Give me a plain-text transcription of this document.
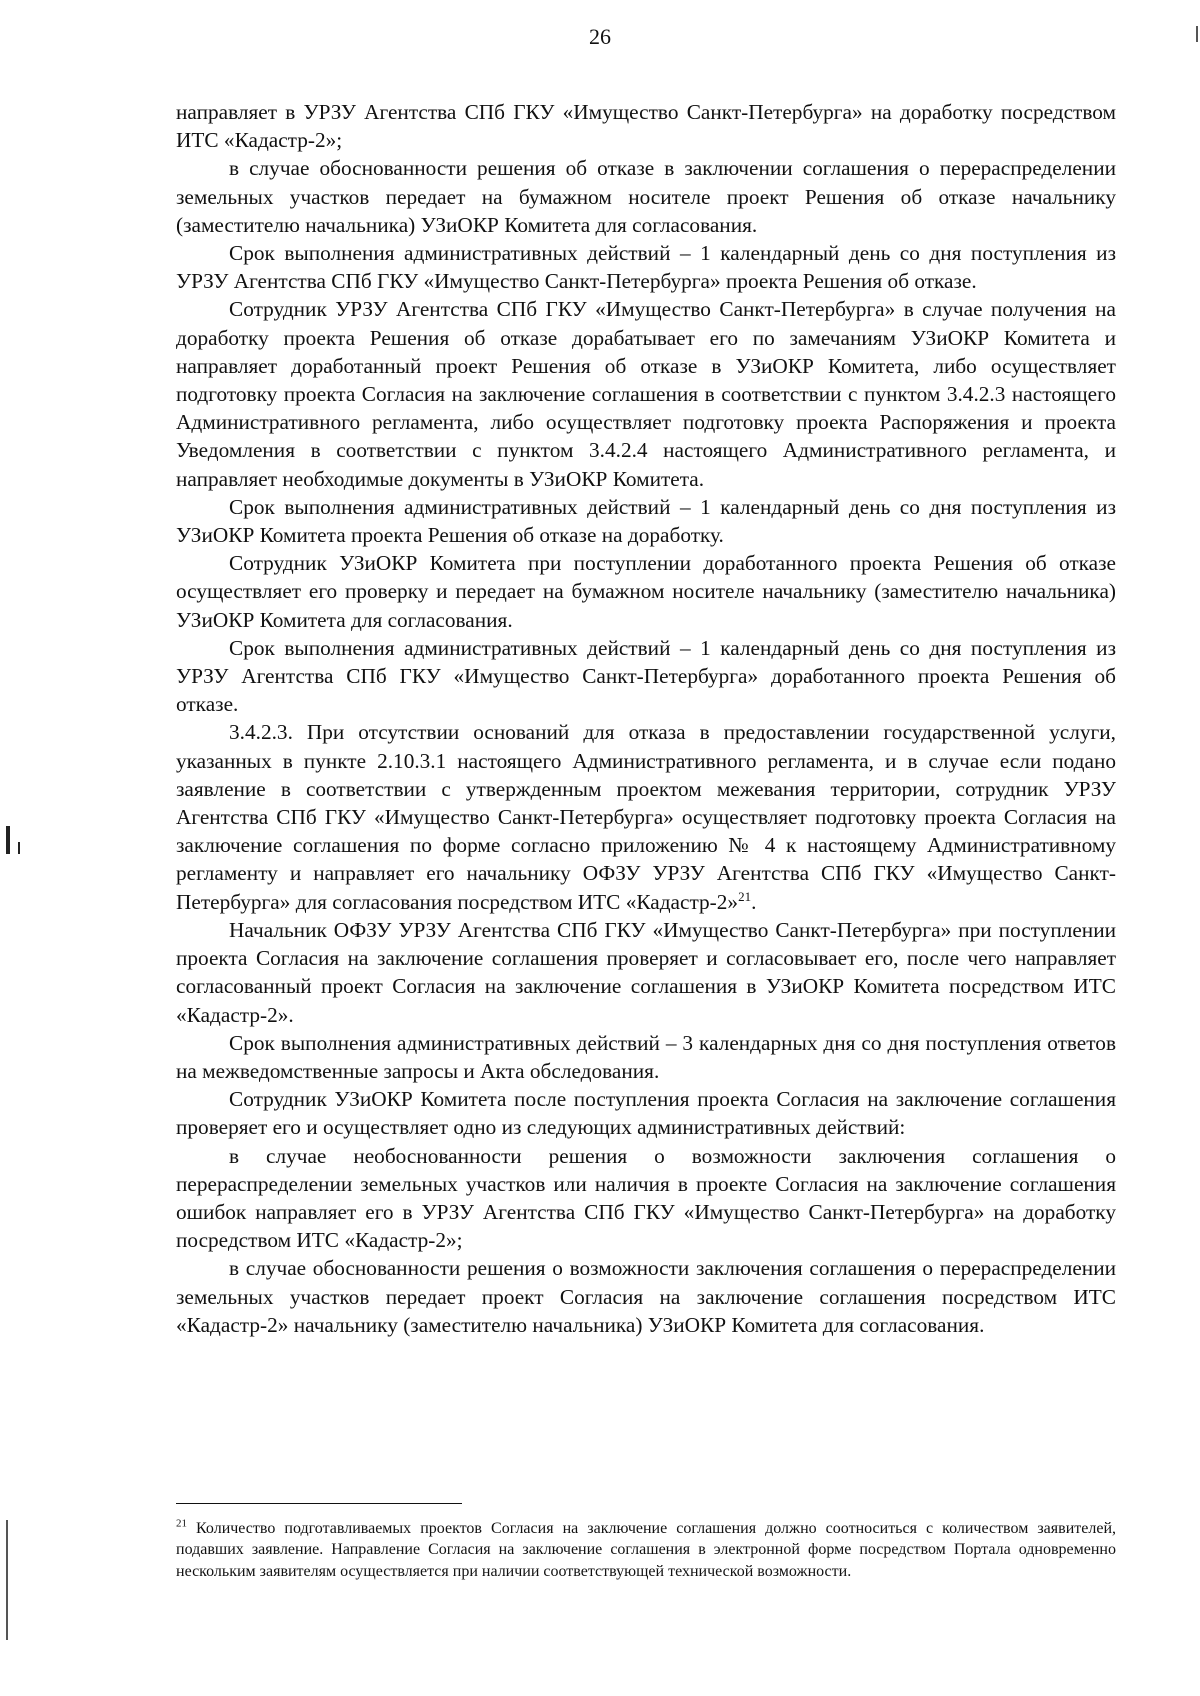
26

направляет в УРЗУ Агентства СПб ГКУ «Имущество Санкт-Петербурга» на доработку посредством ИТС «Кадастр-2»;

в случае обоснованности решения об отказе в заключении соглашения о перераспределении земельных участков передает на бумажном носителе проект Решения об отказе начальнику (заместителю начальника) УЗиОКР Комитета для согласования.

Срок выполнения административных действий – 1 календарный день со дня поступления из УРЗУ Агентства СПб ГКУ «Имущество Санкт-Петербурга» проекта Решения об отказе.

Сотрудник УРЗУ Агентства СПб ГКУ «Имущество Санкт-Петербурга» в случае получения на доработку проекта Решения об отказе дорабатывает его по замечаниям УЗиОКР Комитета и направляет доработанный проект Решения об отказе в УЗиОКР Комитета, либо осуществляет подготовку проекта Согласия на заключение соглашения в соответствии с пунктом 3.4.2.3 настоящего Административного регламента, либо осуществляет подготовку проекта Распоряжения и проекта Уведомления в соответствии с пунктом 3.4.2.4 настоящего Административного регламента, и направляет необходимые документы в УЗиОКР Комитета.

Срок выполнения административных действий – 1 календарный день со дня поступления из УЗиОКР Комитета проекта Решения об отказе на доработку.

Сотрудник УЗиОКР Комитета при поступлении доработанного проекта Решения об отказе осуществляет его проверку и передает на бумажном носителе начальнику (заместителю начальника) УЗиОКР Комитета для согласования.

Срок выполнения административных действий – 1 календарный день со дня поступления из УРЗУ Агентства СПб ГКУ «Имущество Санкт-Петербурга» доработанного проекта Решения об отказе.

3.4.2.3. При отсутствии оснований для отказа в предоставлении государственной услуги, указанных в пункте 2.10.3.1 настоящего Административного регламента, и в случае если подано заявление в соответствии с утвержденным проектом межевания территории, сотрудник УРЗУ Агентства СПб ГКУ «Имущество Санкт-Петербурга» осуществляет подготовку проекта Согласия на заключение соглашения по форме согласно приложению № 4 к настоящему Административному регламенту и направляет его начальнику ОФЗУ УРЗУ Агентства СПб ГКУ «Имущество Санкт-Петербурга» для согласования посредством ИТС «Кадастр-2»$^{21}$.

Начальник ОФЗУ УРЗУ Агентства СПб ГКУ «Имущество Санкт-Петербурга» при поступлении проекта Согласия на заключение соглашения проверяет и согласовывает его, после чего направляет согласованный проект Согласия на заключение соглашения в УЗиОКР Комитета посредством ИТС «Кадастр-2».

Срок выполнения административных действий – 3 календарных дня со дня поступления ответов на межведомственные запросы и Акта обследования.

Сотрудник УЗиОКР Комитета после поступления проекта Согласия на заключение соглашения проверяет его и осуществляет одно из следующих административных действий:

в случае необоснованности решения о возможности заключения соглашения о перераспределении земельных участков или наличия в проекте Согласия на заключение соглашения ошибок направляет его в УРЗУ Агентства СПб ГКУ «Имущество Санкт-Петербурга» на доработку посредством ИТС «Кадастр-2»;

в случае обоснованности решения о возможности заключения соглашения о перераспределении земельных участков передает проект Согласия на заключение соглашения посредством ИТС «Кадастр-2» начальнику (заместителю начальника) УЗиОКР Комитета для согласования.

$^{21}$ Количество подготавливаемых проектов Согласия на заключение соглашения должно соотноситься с количеством заявителей, подавших заявление. Направление Согласия на заключение соглашения в электронной форме посредством Портала одновременно нескольким заявителям осуществляется при наличии соответствующей технической возможности.
